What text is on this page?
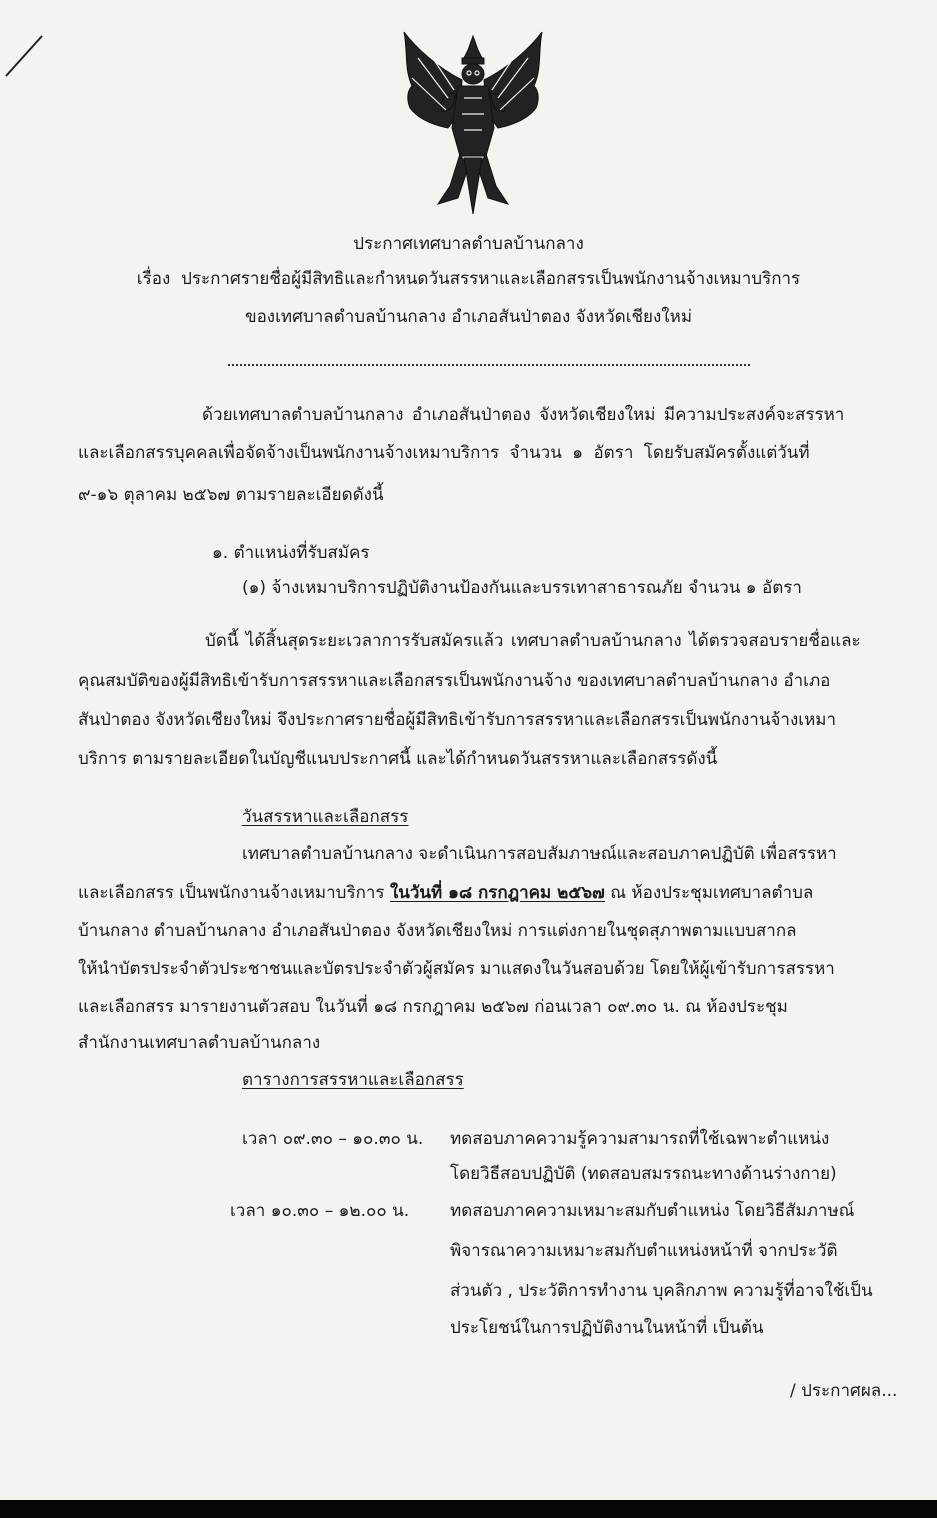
ประกาศเทศบาลตำบลบ้านกลาง
เรื่อง ประกาศรายชื่อผู้มีสิทธิและกำหนดวันสรรหาและเลือกสรรเป็นพนักงานจ้างเหมาบริการ
ของเทศบาลตำบลบ้านกลาง อำเภอสันป่าตอง จังหวัดเชียงใหม่
ด้วยเทศบาลตำบลบ้านกลาง อำเภอสันป่าตอง จังหวัดเชียงใหม่ มีความประสงค์จะสรรหา
และเลือกสรรบุคคลเพื่อจัดจ้างเป็นพนักงานจ้างเหมาบริการ จำนวน ๑ อัตรา โดยรับสมัครตั้งแต่วันที่
๙-๑๖ ตุลาคม ๒๕๖๗ ตามรายละเอียดดังนี้
๑. ตำแหน่งที่รับสมัคร
(๑) จ้างเหมาบริการปฏิบัติงานป้องกันและบรรเทาสาธารณภัย จำนวน ๑ อัตรา
บัดนี้ ได้สิ้นสุดระยะเวลาการรับสมัครแล้ว เทศบาลตำบลบ้านกลาง ได้ตรวจสอบรายชื่อและ
คุณสมบัติของผู้มีสิทธิเข้ารับการสรรหาและเลือกสรรเป็นพนักงานจ้าง ของเทศบาลตำบลบ้านกลาง อำเภอ
สันป่าตอง จังหวัดเชียงใหม่ จึงประกาศรายชื่อผู้มีสิทธิเข้ารับการสรรหาและเลือกสรรเป็นพนักงานจ้างเหมา
บริการ ตามรายละเอียดในบัญชีแนบประกาศนี้ และได้กำหนดวันสรรหาและเลือกสรรดังนี้
วันสรรหาและเลือกสรร
เทศบาลตำบลบ้านกลาง จะดำเนินการสอบสัมภาษณ์และสอบภาคปฏิบัติ เพื่อสรรหา
และเลือกสรร เป็นพนักงานจ้างเหมาบริการ ในวันที่ ๑๘ กรกฎาคม ๒๕๖๗ ณ ห้องประชุมเทศบาลตำบล
บ้านกลาง ตำบลบ้านกลาง อำเภอสันป่าตอง จังหวัดเชียงใหม่ การแต่งกายในชุดสุภาพตามแบบสากล
ให้นำบัตรประจำตัวประชาชนและบัตรประจำตัวผู้สมัคร มาแสดงในวันสอบด้วย โดยให้ผู้เข้ารับการสรรหา
และเลือกสรร มารายงานตัวสอบ ในวันที่ ๑๘ กรกฎาคม ๒๕๖๗ ก่อนเวลา ๐๙.๓๐ น. ณ ห้องประชุม
สำนักงานเทศบาลตำบลบ้านกลาง
ตารางการสรรหาและเลือกสรร
เวลา ๐๙.๓๐ – ๑๐.๓๐ น. ทดสอบภาคความรู้ความสามารถที่ใช้เฉพาะตำแหน่ง
โดยวิธีสอบปฏิบัติ (ทดสอบสมรรถนะทางด้านร่างกาย)
เวลา ๑๐.๓๐ – ๑๒.๐๐ น. ทดสอบภาคความเหมาะสมกับตำแหน่ง โดยวิธีสัมภาษณ์
พิจารณาความเหมาะสมกับตำแหน่งหน้าที่ จากประวัติ
ส่วนตัว , ประวัติการทำงาน บุคลิกภาพ ความรู้ที่อาจใช้เป็น
ประโยชน์ในการปฏิบัติงานในหน้าที่ เป็นต้น
/ ประกาศผล...
